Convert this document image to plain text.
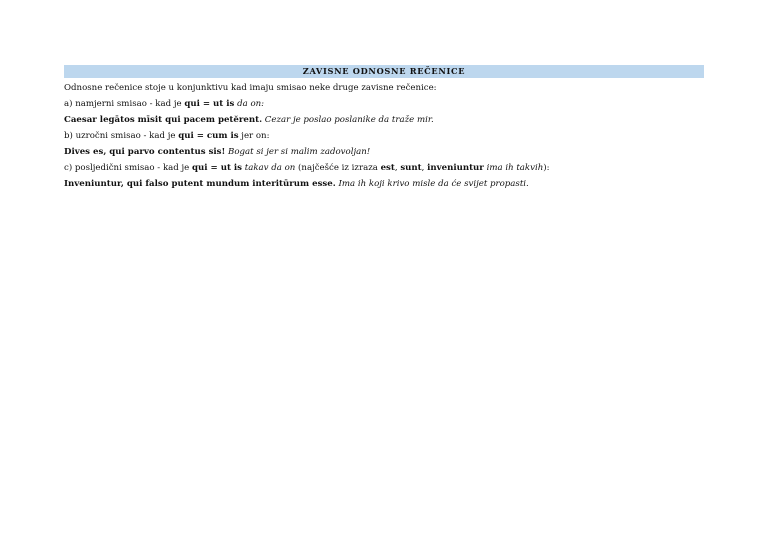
ZAVISNE ODNOSNE REČENICE
Odnosne rečenice stoje u konjunktivu kad imaju smisao neke druge zavisne rečenice:
a) namjerni smisao - kad je qui = ut is da on:
Caesar legātos mīsit qui pacem petĕrent. Cezar je poslao poslanike da traže mir.
b) uzročni smisao - kad je qui = cum is jer on:
Dives es, qui parvo contentus sis! Bogat si jer si malim zadovoljan!
c) posljedični smisao - kad je qui = ut is takav da on (najčešće iz izraza est, sunt, inveniuntur ima ih takvih):
Inveniuntur, qui falso putent mundum interitūrum esse. Ima ih koji krivo misle da će svijet propasti.
